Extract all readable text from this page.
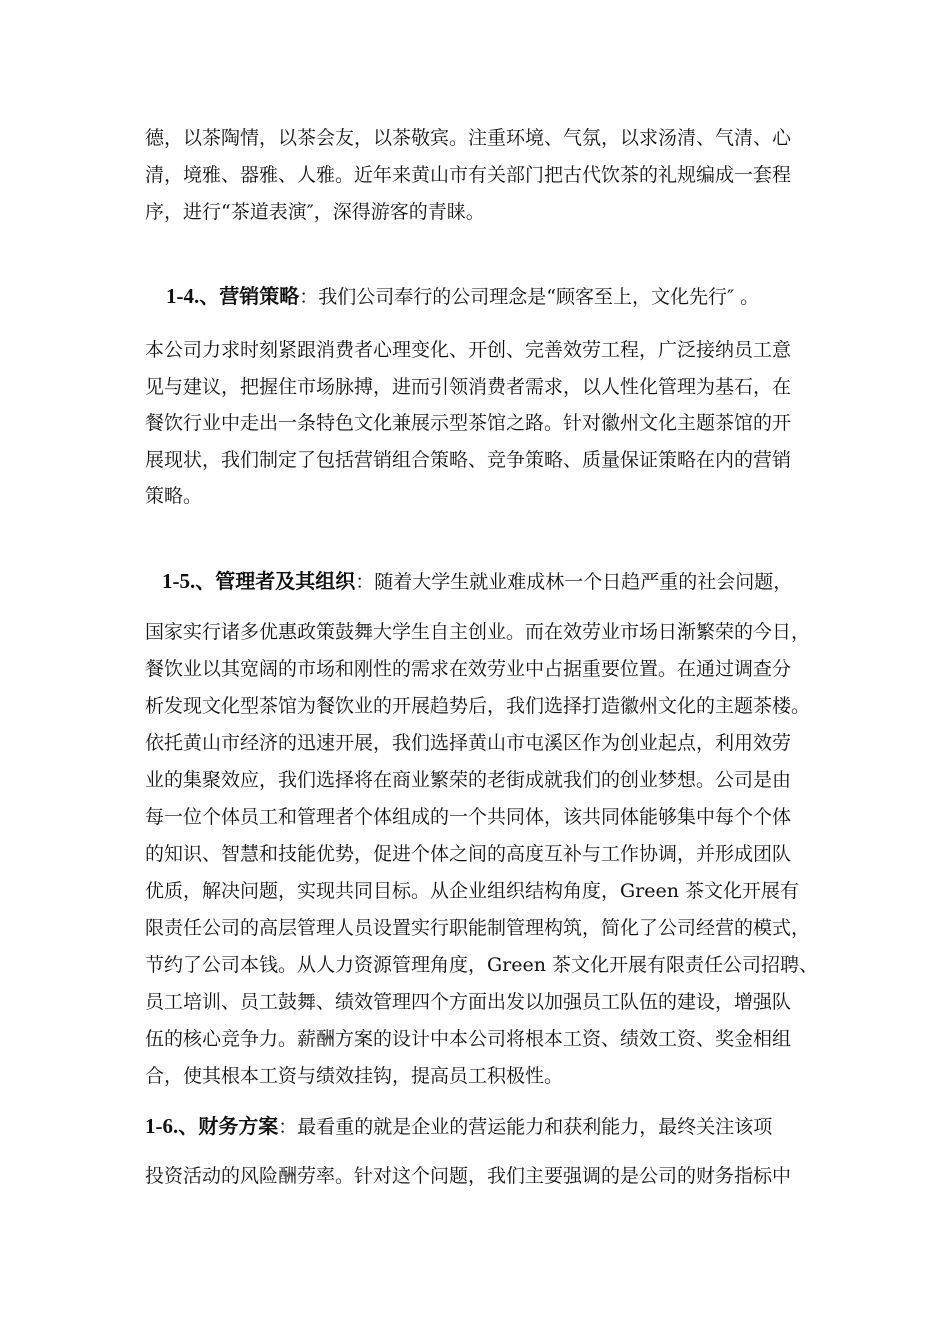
德，以茶陶情，以茶会友，以茶敬宾。注重环境、气氛，以求汤清、气清、心
清，境雅、器雅、人雅。近年来黄山市有关部门把古代饮茶的礼规编成一套程
序，进行“茶道表演″，深得游客的青睐。
1-4.、营销策略：我们公司奉行的公司理念是“顾客至上，文化先行″ 。
本公司力求时刻紧跟消费者心理变化、开创、完善效劳工程，广泛接纳员工意
见与建议，把握住市场脉搏，进而引领消费者需求，以人性化管理为基石，在
餐饮行业中走出一条特色文化兼展示型茶馆之路。针对徽州文化主题茶馆的开
展现状，我们制定了包括营销组合策略、竞争策略、质量保证策略在内的营销
策略。
1-5.、管理者及其组织：随着大学生就业难成林一个日趋严重的社会问题，
国家实行诸多优惠政策鼓舞大学生自主创业。而在效劳业市场日渐繁荣的今日，
餐饮业以其宽阔的市场和刚性的需求在效劳业中占据重要位置。在通过调查分
析发现文化型茶馆为餐饮业的开展趋势后，我们选择打造徽州文化的主题茶楼。
依托黄山市经济的迅速开展，我们选择黄山市屯溪区作为创业起点，利用效劳
业的集聚效应，我们选择将在商业繁荣的老街成就我们的创业梦想。公司是由
每一位个体员工和管理者个体组成的一个共同体，该共同体能够集中每个个体
的知识、智慧和技能优势，促进个体之间的高度互补与工作协调，并形成团队
优质，解决问题，实现共同目标。从企业组织结构角度，Green 茶文化开展有
限责任公司的高层管理人员设置实行职能制管理构筑，简化了公司经营的模式，
节约了公司本钱。从人力资源管理角度，Green 茶文化开展有限责任公司招聘、
员工培训、员工鼓舞、绩效管理四个方面出发以加强员工队伍的建设，增强队
伍的核心竞争力。薪酬方案的设计中本公司将根本工资、绩效工资、奖金相组
合，使其根本工资与绩效挂钩，提高员工积极性。
1-6.、财务方案：最看重的就是企业的营运能力和获利能力，最终关注该项
投资活动的风险酬劳率。针对这个问题，我们主要强调的是公司的财务指标中
